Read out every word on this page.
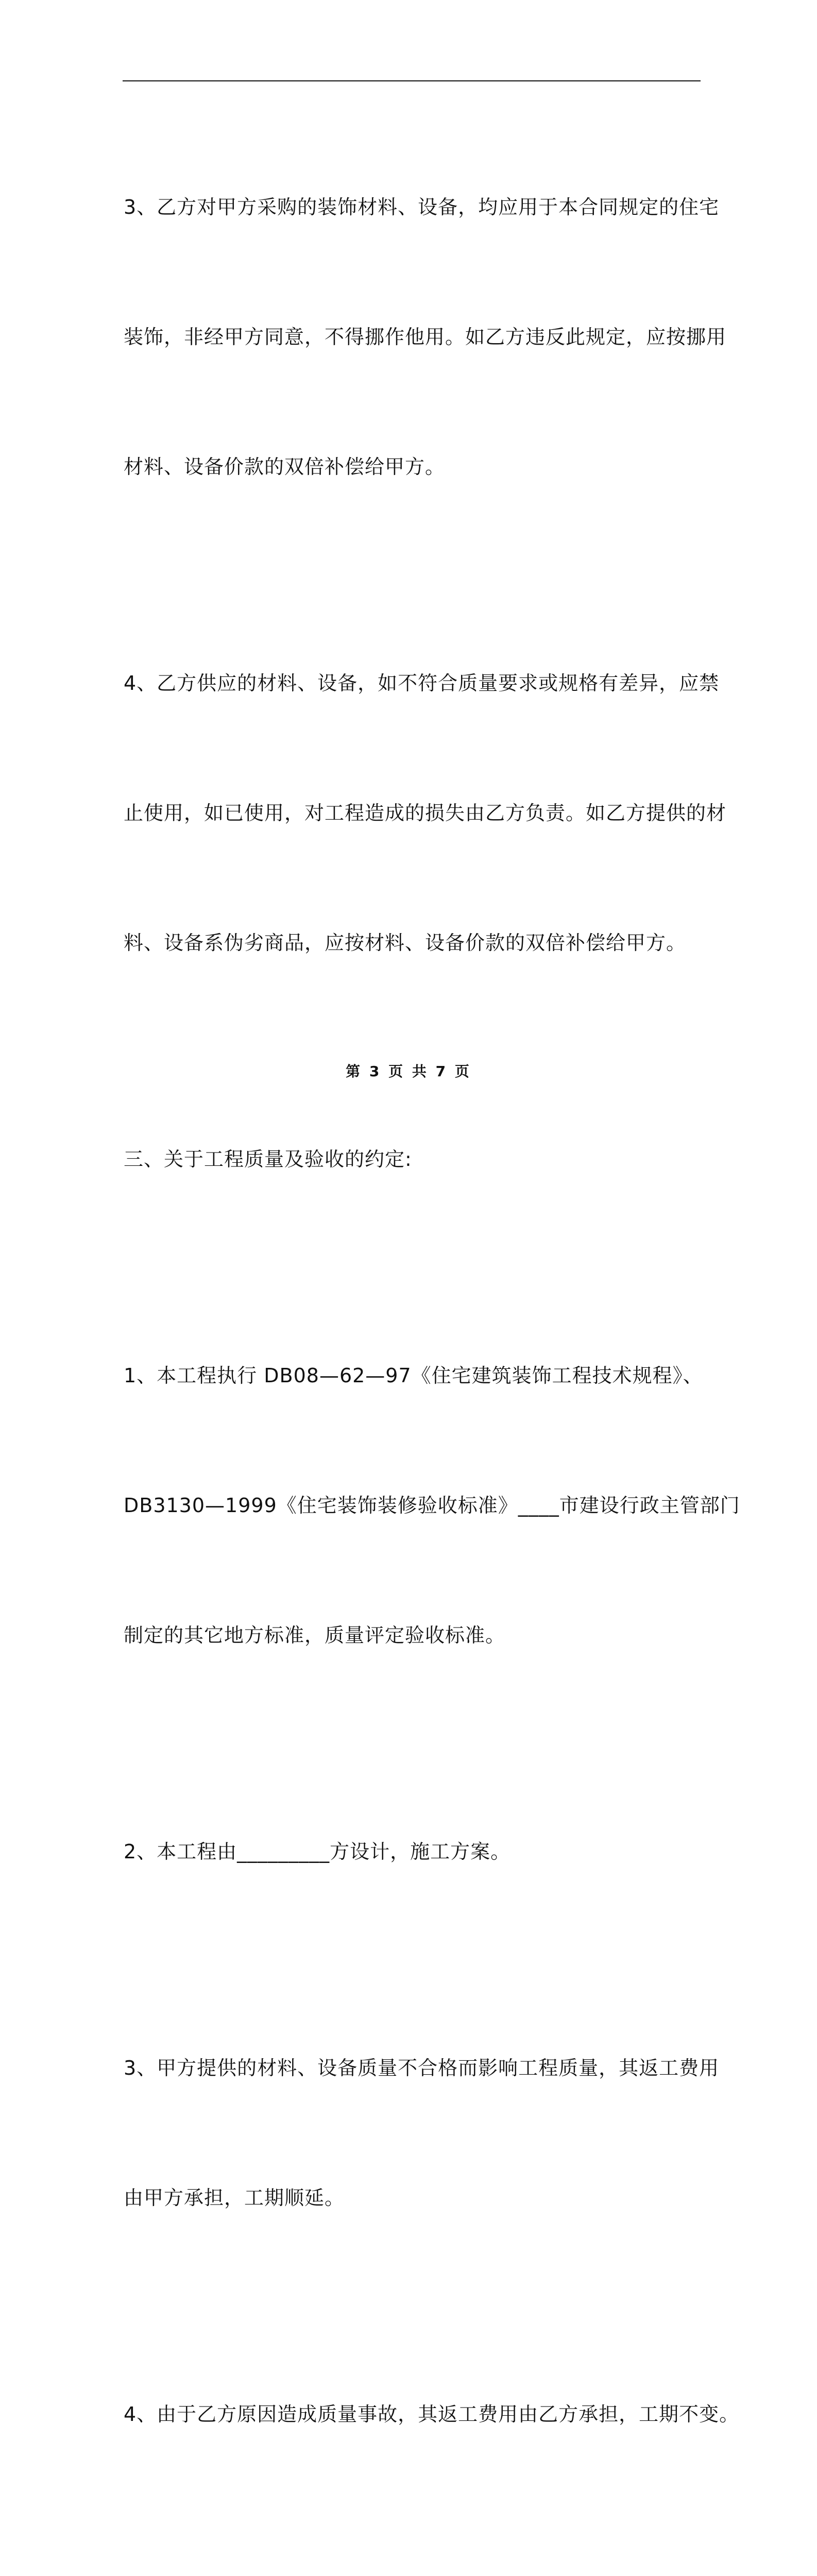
3、乙方对甲方采购的装饰材料、设备，均应用于本合同规定的住宅

装饰，非经甲方同意，不得挪作他用。如乙方违反此规定，应按挪用

材料、设备价款的双倍补偿给甲方。

4、乙方供应的材料、设备，如不符合质量要求或规格有差异，应禁

止使用，如已使用，对工程造成的损失由乙方负责。如乙方提供的材

料、设备系伪劣商品，应按材料、设备价款的双倍补偿给甲方。

三、关于工程质量及验收的约定:

1、本工程执行 DB08—62—97《住宅建筑装饰工程技术规程》、

DB3130—1999《住宅装饰装修验收标准》____市建设行政主管部门

制定的其它地方标准，质量评定验收标准。

2、本工程由_________方设计，施工方案。

3、甲方提供的材料、设备质量不合格而影响工程质量，其返工费用

由甲方承担，工期顺延。

4、由于乙方原因造成质量事故，其返工费用由乙方承担，工期不变。

第 3 页 共 7 页
